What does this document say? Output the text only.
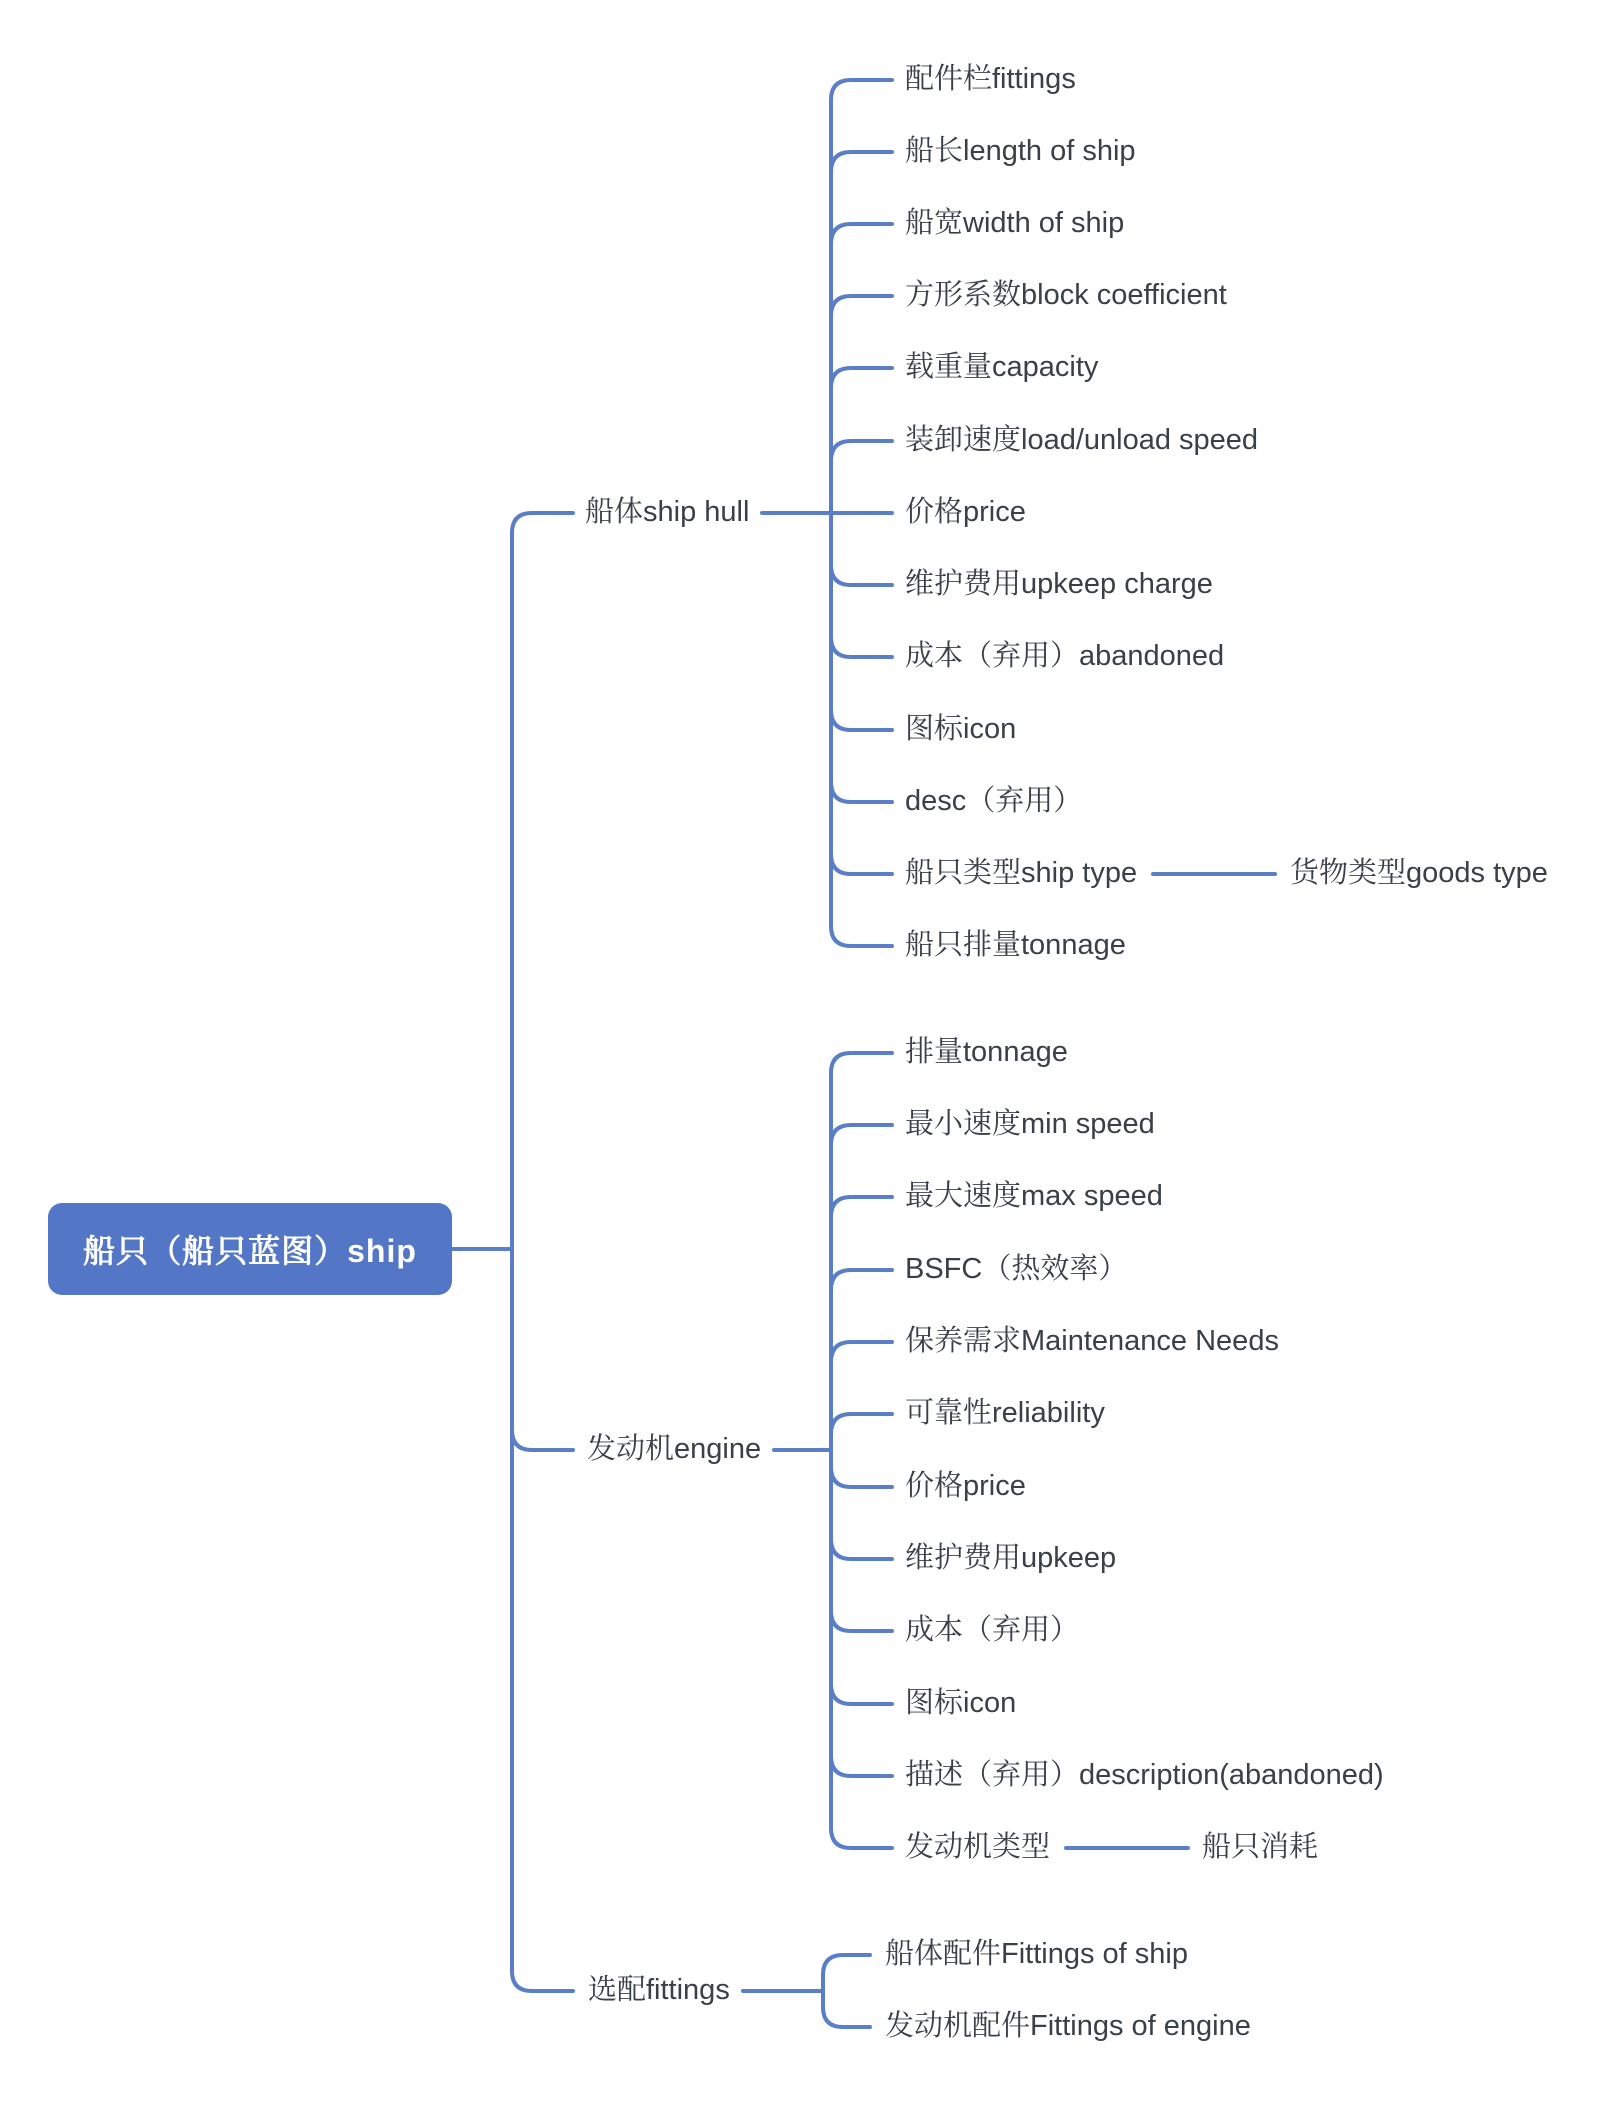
船只（船只蓝图）ship
船体ship hull
配件栏fittings
船长length of ship
船宽width of ship
方形系数block coefficient
载重量capacity
装卸速度load/unload speed
价格price
维护费用upkeep charge
成本（弃用）abandoned
图标icon
desc（弃用）
船只类型ship type	货物类型goods type
船只排量tonnage
发动机engine
排量tonnage
最小速度min speed
最大速度max speed
BSFC（热效率）
保养需求Maintenance Needs
可靠性reliability
价格price
维护费用upkeep
成本（弃用）
图标icon
描述（弃用）description(abandoned)
发动机类型	船只消耗
选配fittings
船体配件Fittings of ship
发动机配件Fittings of engine
